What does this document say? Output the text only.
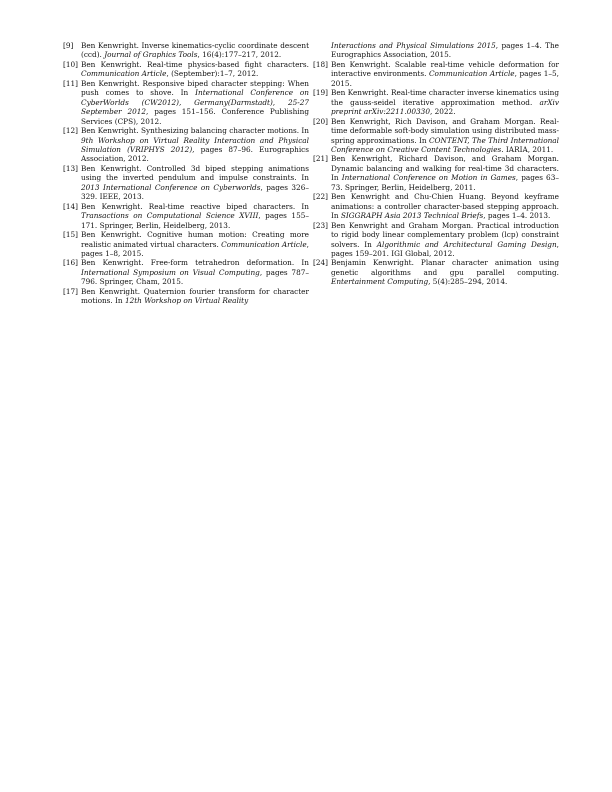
[9] Ben Kenwright. Inverse kinematics-cyclic coordinate descent (ccd). Journal of Graphics Tools, 16(4):177–217, 2012.
[10] Ben Kenwright. Real-time physics-based fight characters. Communication Article, (September):1–7, 2012.
[11] Ben Kenwright. Responsive biped character stepping: When push comes to shove. In International Conference on CyberWorlds (CW2012), Germany(Darmstadt), 25-27 September 2012, pages 151–156. Conference Publishing Services (CPS), 2012.
[12] Ben Kenwright. Synthesizing balancing character motions. In 9th Workshop on Virtual Reality Interaction and Physical Simulation (VRIPHYS 2012), pages 87–96. Eurographics Association, 2012.
[13] Ben Kenwright. Controlled 3d biped stepping animations using the inverted pendulum and impulse constraints. In 2013 International Conference on Cyberworlds, pages 326–329. IEEE, 2013.
[14] Ben Kenwright. Real-time reactive biped characters. In Transactions on Computational Science XVIII, pages 155–171. Springer, Berlin, Heidelberg, 2013.
[15] Ben Kenwright. Cognitive human motion: Creating more realistic animated virtual characters. Communication Article, pages 1–8, 2015.
[16] Ben Kenwright. Free-form tetrahedron deformation. In International Symposium on Visual Computing, pages 787–796. Springer, Cham, 2015.
[17] Ben Kenwright. Quaternion fourier transform for character motions. In 12th Workshop on Virtual Reality
Interactions and Physical Simulations 2015, pages 1–4. The Eurographics Association, 2015.
[18] Ben Kenwright. Scalable real-time vehicle deformation for interactive environments. Communication Article, pages 1–5, 2015.
[19] Ben Kenwright. Real-time character inverse kinematics using the gauss-seidel iterative approximation method. arXiv preprint arXiv:2211.00330, 2022.
[20] Ben Kenwright, Rich Davison, and Graham Morgan. Real-time deformable soft-body simulation using distributed mass-spring approximations. In CONTENT, The Third International Conference on Creative Content Technologies. IARIA, 2011.
[21] Ben Kenwright, Richard Davison, and Graham Morgan. Dynamic balancing and walking for real-time 3d characters. In International Conference on Motion in Games, pages 63–73. Springer, Berlin, Heidelberg, 2011.
[22] Ben Kenwright and Chu-Chien Huang. Beyond keyframe animations: a controller character-based stepping approach. In SIGGRAPH Asia 2013 Technical Briefs, pages 1–4. 2013.
[23] Ben Kenwright and Graham Morgan. Practical introduction to rigid body linear complementary problem (lcp) constraint solvers. In Algorithmic and Architectural Gaming Design, pages 159–201. IGI Global, 2012.
[24] Benjamin Kenwright. Planar character animation using genetic algorithms and gpu parallel computing. Entertainment Computing, 5(4):285–294, 2014.
